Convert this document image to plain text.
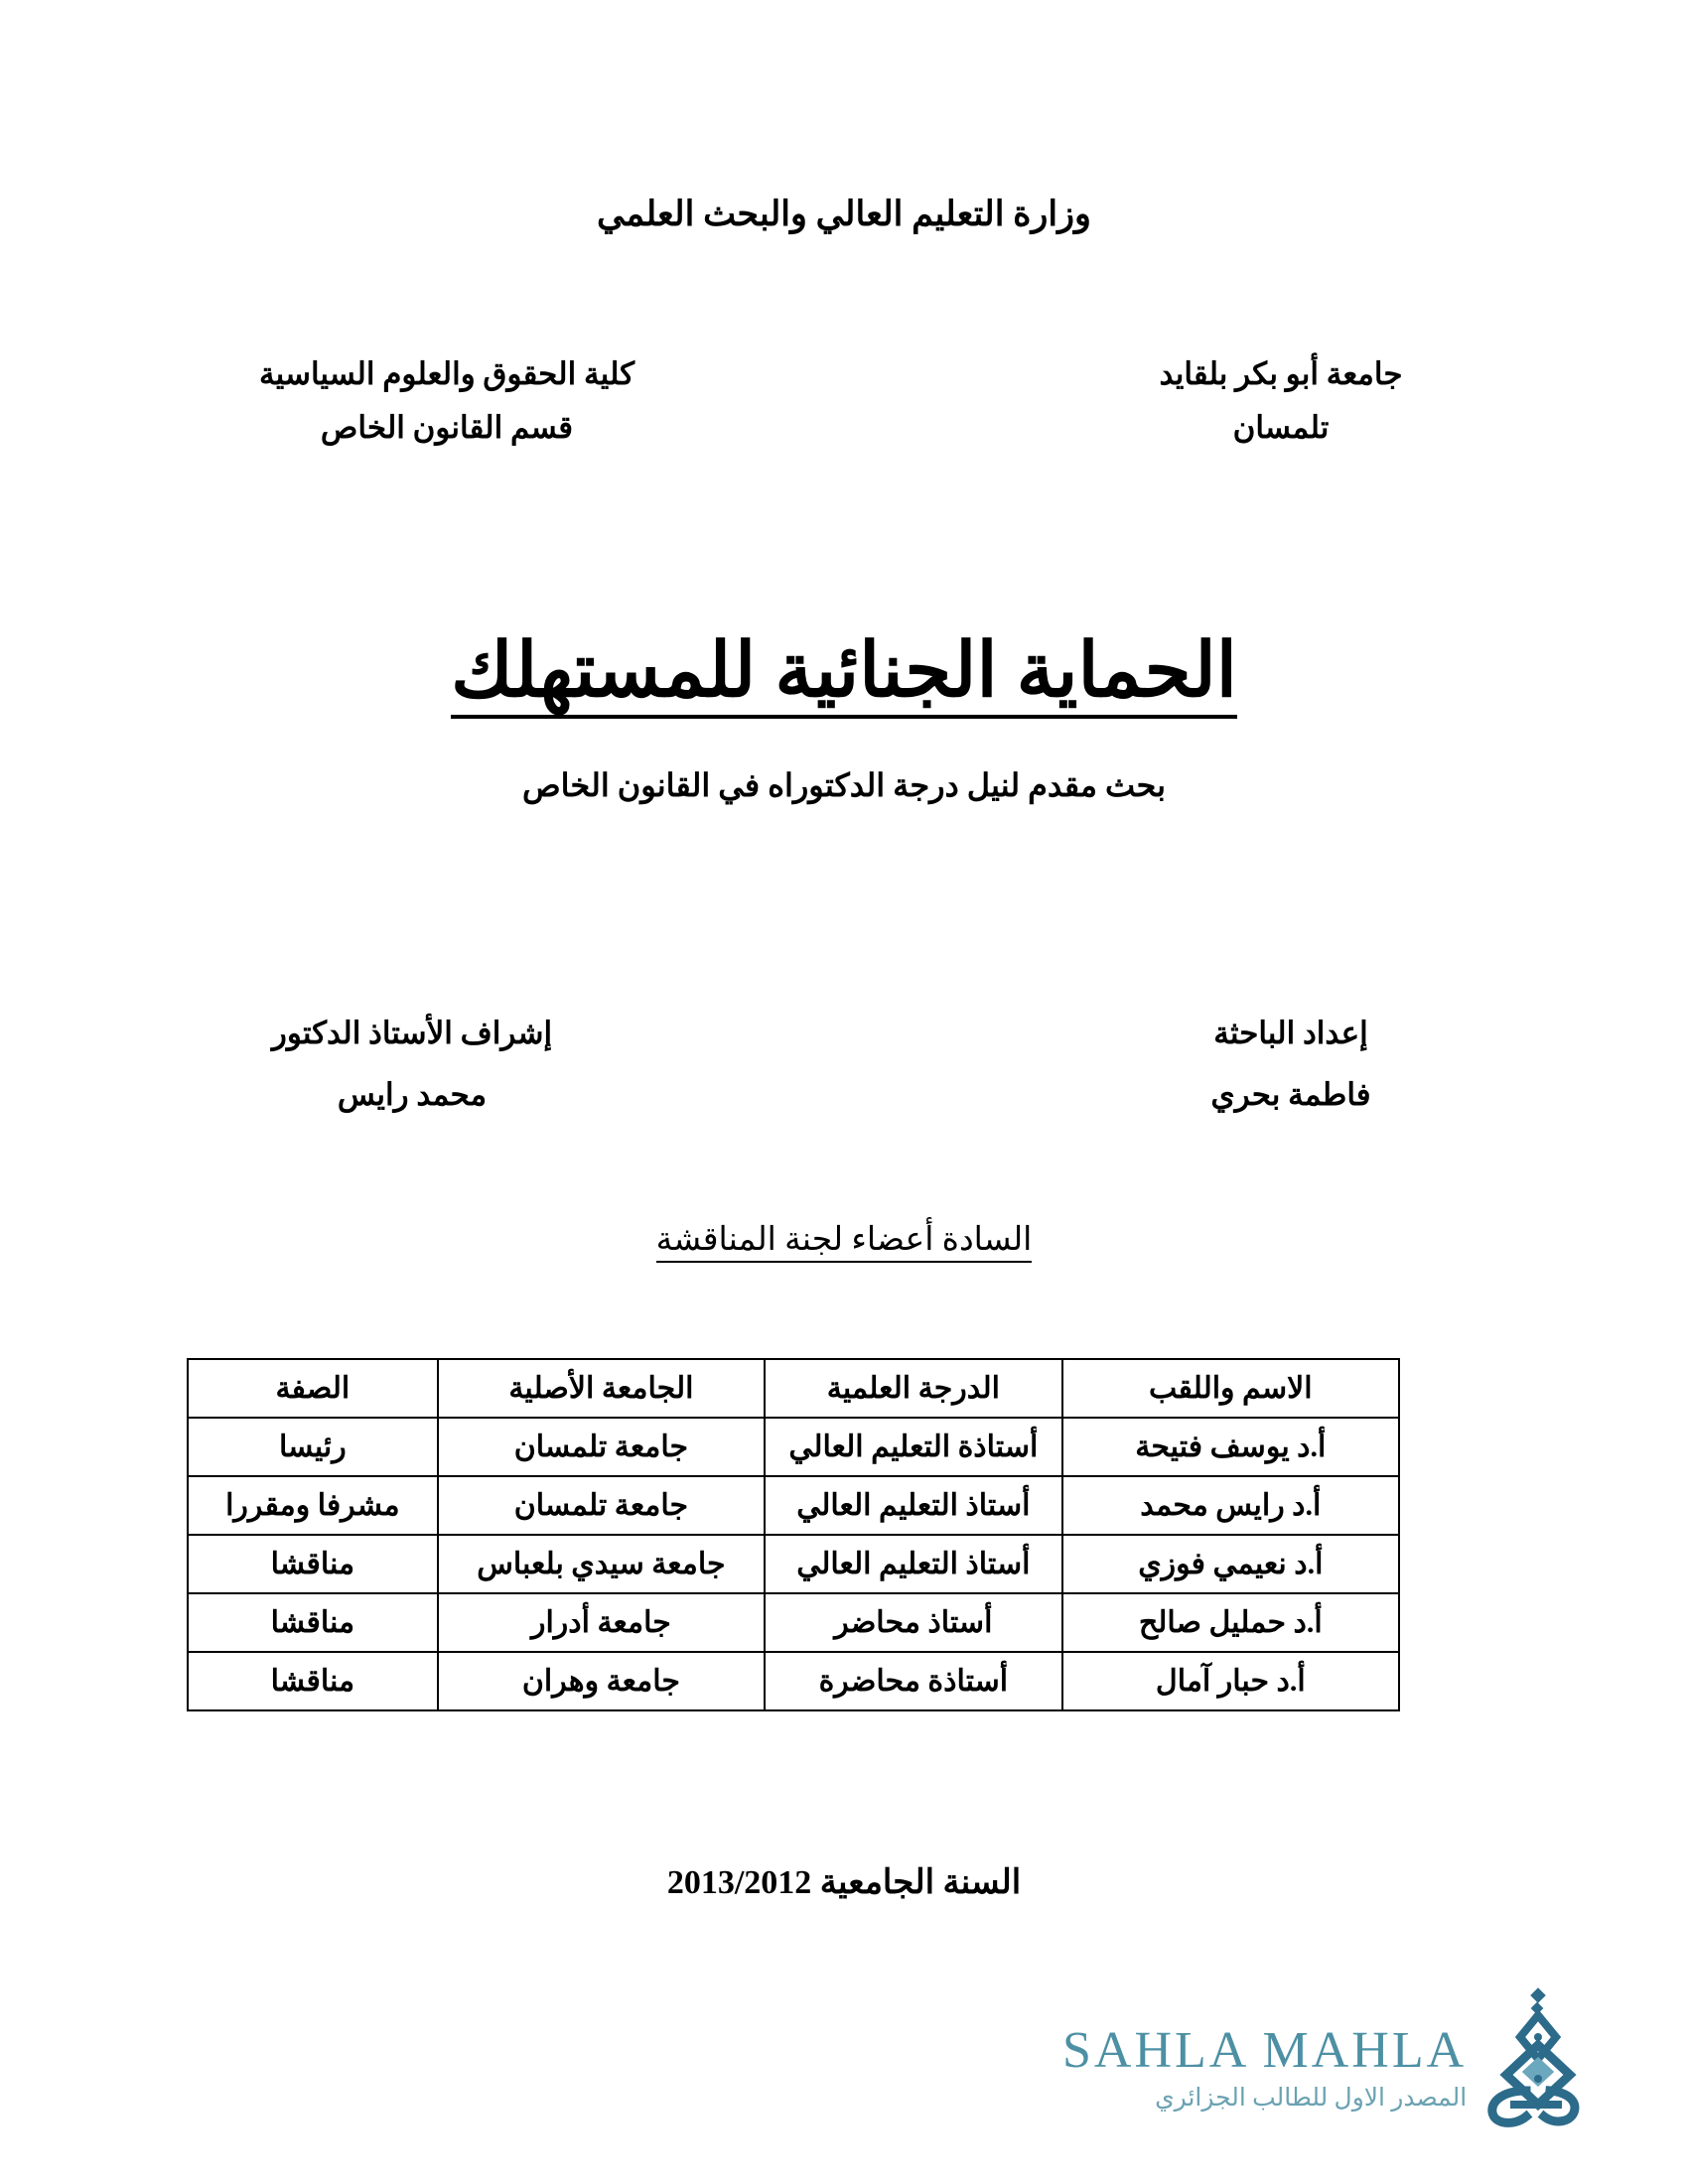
وزارة التعليم العالي والبحث العلمي
جامعة أبو بكر بلقايد
تلمسان
كلية الحقوق والعلوم السياسية
قسم القانون الخاص
الحماية الجنائية للمستهلك
بحث مقدم لنيل درجة الدكتوراه في القانون الخاص
إعداد الباحثة
فاطمة بحري
إشراف الأستاذ الدكتور
محمد رايس
السادة أعضاء لجنة المناقشة
الاسم واللقب	الدرجة العلمية	الجامعة الأصلية	الصفة
أ.د يوسف فتيحة	أستاذة التعليم العالي	جامعة تلمسان	رئيسا
أ.د رايس محمد	أستاذ التعليم العالي	جامعة تلمسان	مشرفا ومقررا
أ.د نعيمي فوزي	أستاذ التعليم العالي	جامعة سيدي بلعباس	مناقشا
أ.د حمليل صالح	أستاذ محاضر	جامعة أدرار	مناقشا
أ.د حبار آمال	أستاذة محاضرة	جامعة وهران	مناقشا
السنة الجامعية 2013/2012
SAHLA MAHLA
المصدر الاول للطالب الجزائري
